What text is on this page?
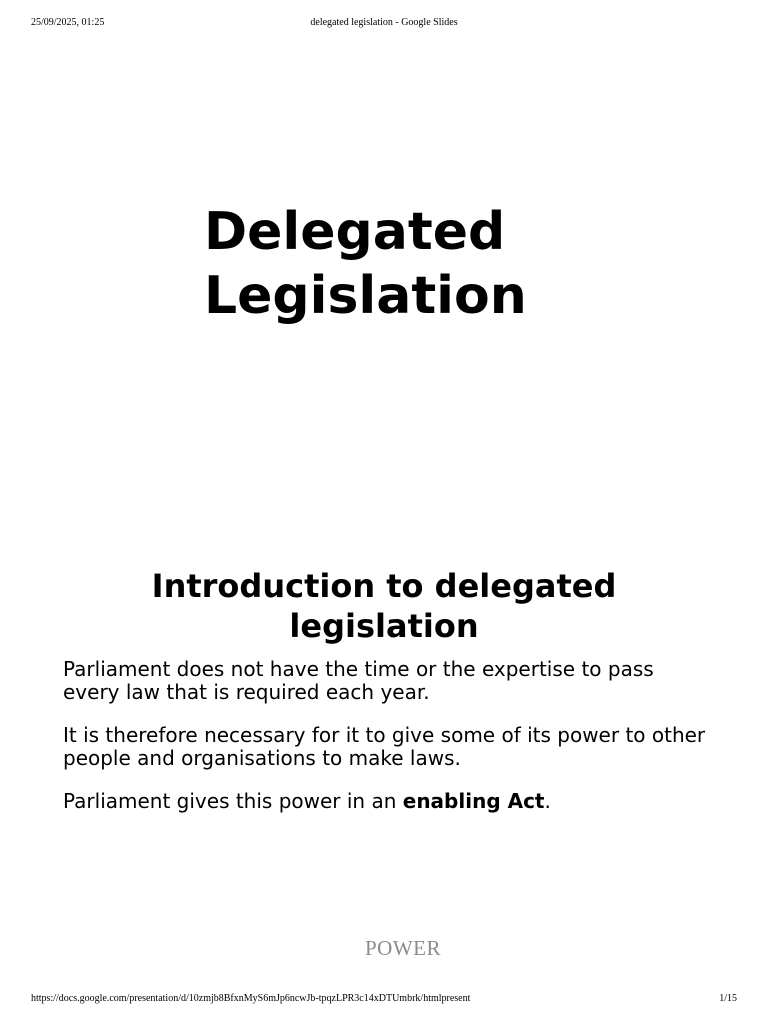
25/09/2025, 01:25	delegated legislation - Google Slides
Delegated
Legislation
Introduction to delegated legislation

Parliament does not have the time or the expertise to pass every law that is required each year.

It is therefore necessary for it to give some of its power to other people and organisations to make laws.

Parliament gives this power in an enabling Act.

POWER
https://docs.google.com/presentation/d/10zmjb8BfxnMyS6mJp6ncwJb-tpqzLPR3c14xDTUmbrk/htmlpresent	1/15
